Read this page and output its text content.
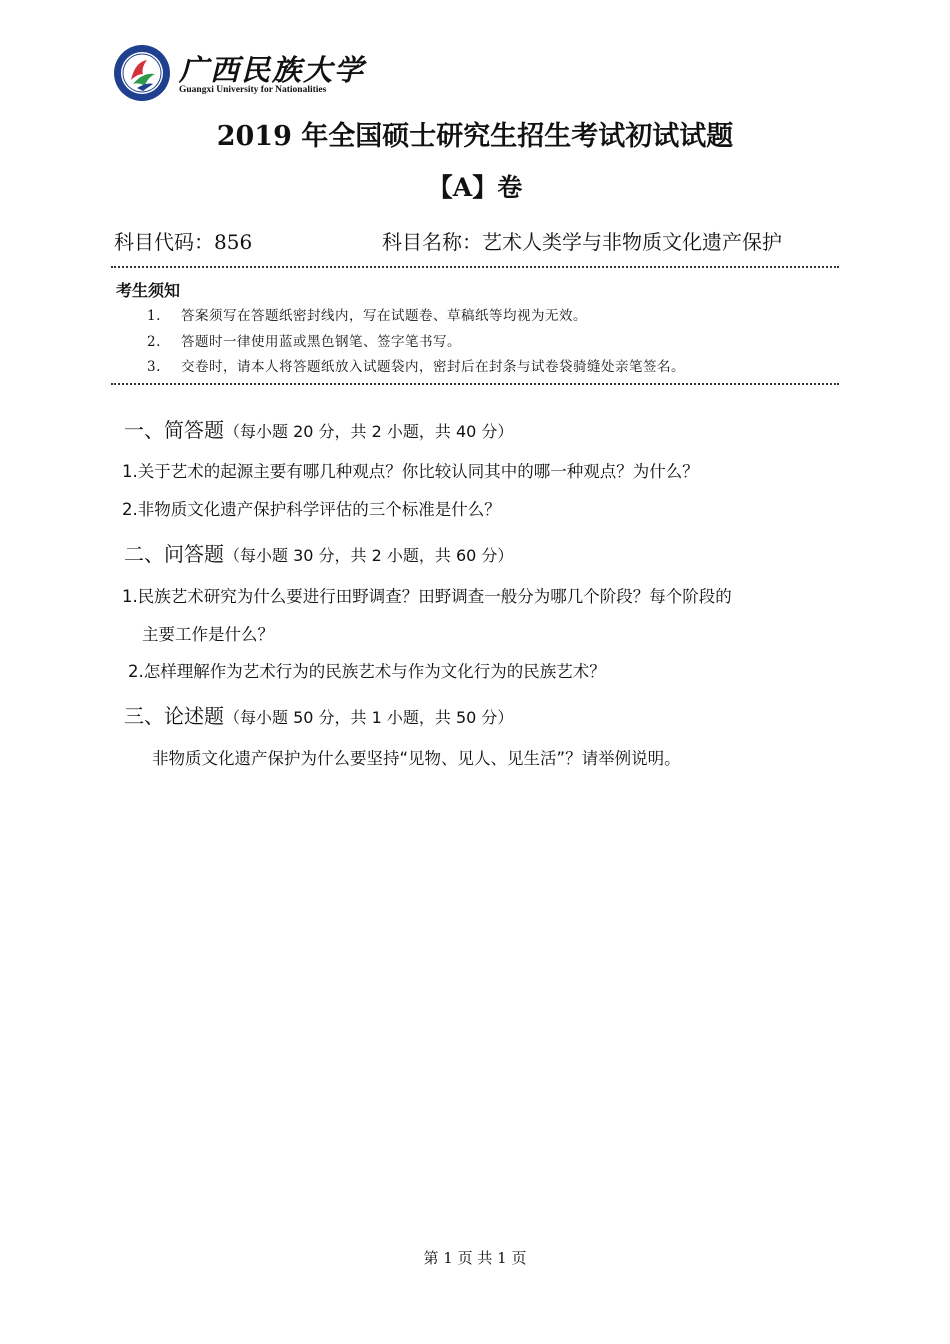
广西民族大学
Guangxi University for Nationalities
2019 年全国硕士研究生招生考试初试试题
【A】卷
科目代码：856	科目名称：艺术人类学与非物质文化遗产保护
考生须知
1. 答案须写在答题纸密封线内，写在试题卷、草稿纸等均视为无效。
2. 答题时一律使用蓝或黑色钢笔、签字笔书写。
3. 交卷时，请本人将答题纸放入试题袋内，密封后在封条与试卷袋骑缝处亲笔签名。
一、简答题（每小题 20 分，共 2 小题，共 40 分）
1.关于艺术的起源主要有哪几种观点？你比较认同其中的哪一种观点？为什么？
2.非物质文化遗产保护科学评估的三个标准是什么？
二、问答题（每小题 30 分，共 2 小题，共 60 分）
1.民族艺术研究为什么要进行田野调查？田野调查一般分为哪几个阶段？每个阶段的
主要工作是什么？
2.怎样理解作为艺术行为的民族艺术与作为文化行为的民族艺术？
三、论述题（每小题 50 分，共 1 小题，共 50 分）
非物质文化遗产保护为什么要坚持“见物、见人、见生活”？请举例说明。
第 1 页 共 1 页
